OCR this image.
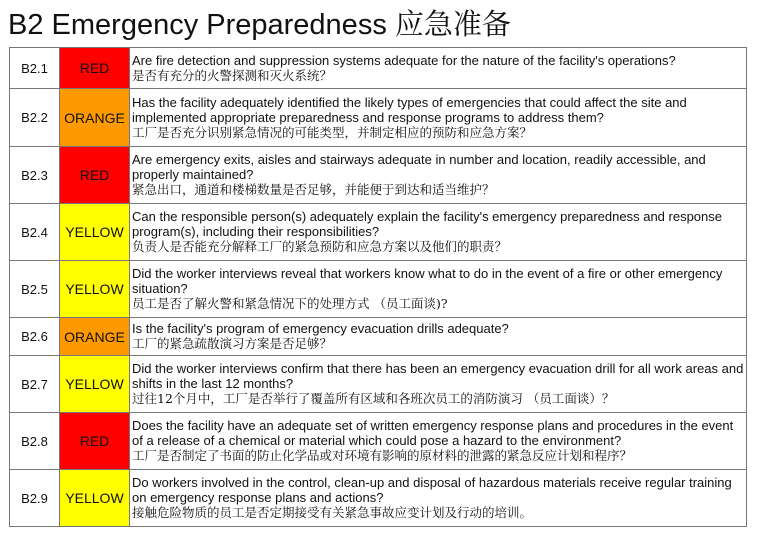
B2 Emergency Preparedness 应急准备
B2.1	RED	Are fire detection and suppression systems adequate for the nature of the facility's operations?
是否有充分的火警探测和灭火系统？

B2.2	ORANGE	Has the facility adequately identified the likely types of emergencies that could affect the site and implemented appropriate preparedness and response programs to address them?
工厂是否充分识别紧急情况的可能类型，并制定相应的预防和应急方案？

B2.3	RED	Are emergency exits, aisles and stairways adequate in number and location, readily accessible, and properly maintained?
紧急出口，通道和楼梯数量是否足够，并能便于到达和适当维护？

B2.4	YELLOW	Can the responsible person(s) adequately explain the facility's emergency preparedness and response program(s), including their responsibilities?
负责人是否能充分解释工厂的紧急预防和应急方案以及他们的职责？

B2.5	YELLOW	Did the worker interviews reveal that workers know what to do in the event of a fire or other emergency situation?
员工是否了解火警和紧急情况下的处理方式 （员工面谈)?

B2.6	ORANGE	Is the facility's program of emergency evacuation drills adequate?
工厂的紧急疏散演习方案是否足够？

B2.7	YELLOW	Did the worker interviews confirm that there has been an emergency evacuation drill for all work areas and shifts in the last 12 months?
过往12个月中，工厂是否举行了覆盖所有区域和各班次员工的消防演习 （员工面谈）？

B2.8	RED	Does the facility have an adequate set of written emergency response plans and procedures in the event of a release of a chemical or material which could pose a hazard to the environment?
工厂是否制定了书面的防止化学品或对环境有影响的原材料的泄露的紧急反应计划和程序？

B2.9	YELLOW	Do workers involved in the control, clean-up and disposal of hazardous materials receive regular training on emergency response plans and actions?
接触危险物质的员工是否定期接受有关紧急事故应变计划及行动的培训。
